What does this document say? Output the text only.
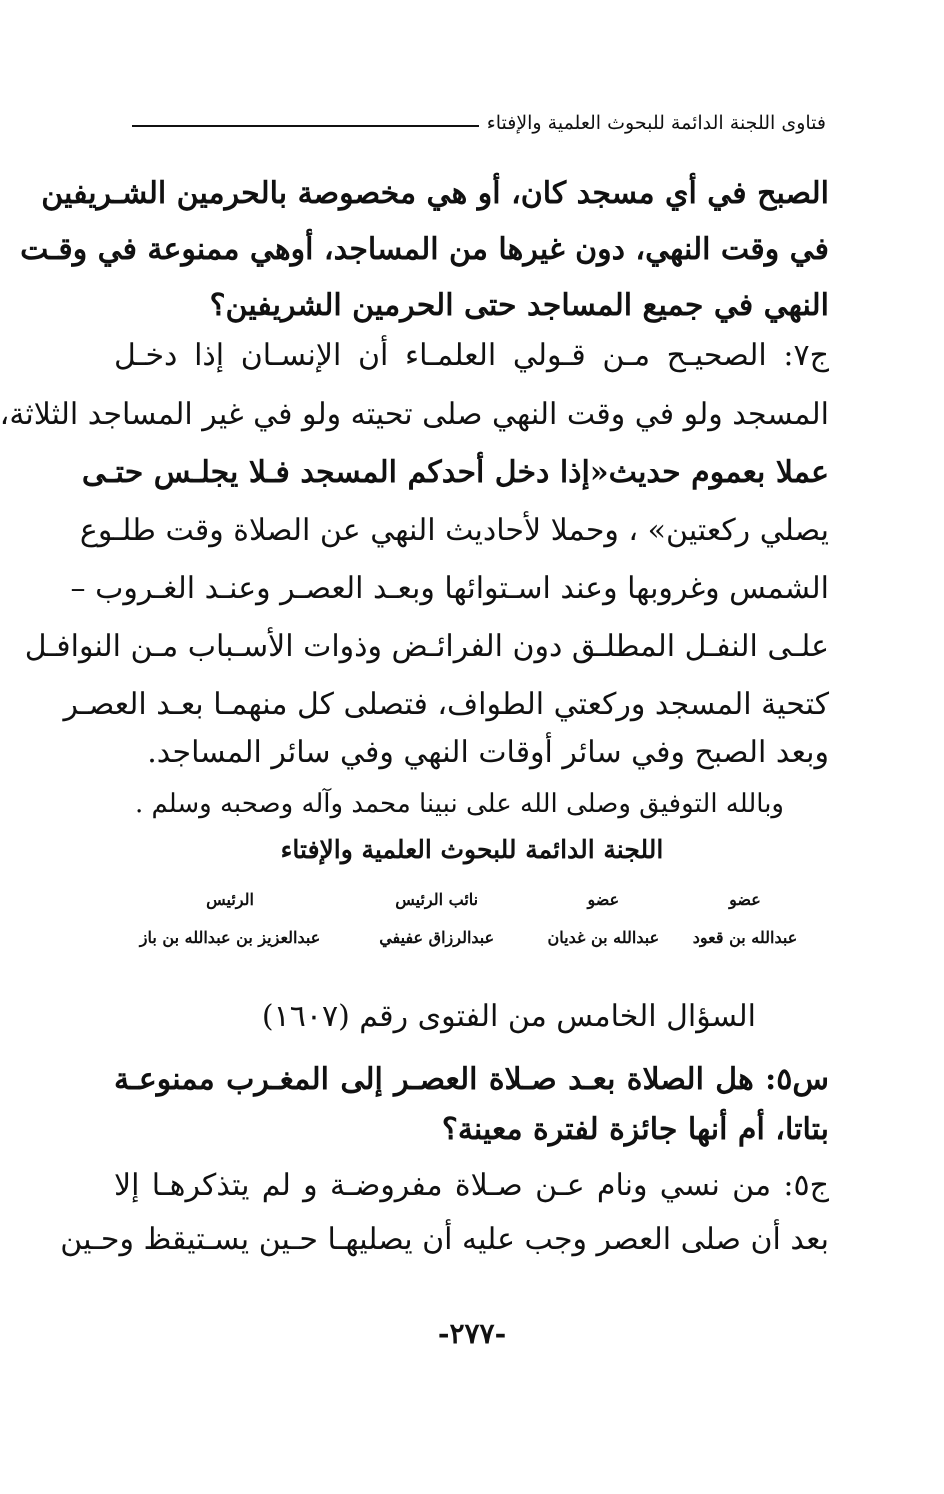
فتاوى اللجنة الدائمة للبحوث العلمية والإفتاء
الصبح في أي مسجد كان، أو هي مخصوصة بالحرمين الشـريفين
في وقت النهي، دون غيرها من المساجد، أوهي ممنوعة في وقـت
النهي في جميع المساجد حتى الحرمين الشريفين؟
ج٧: الصحيـح مـن قـولي العلمـاء أن الإنسـان إذا دخـل
المسجد ولو في وقت النهي صلى تحيته ولو في غير المساجد الثلاثة،
عملا بعموم حديث«إذا دخل أحدكم المسجد فـلا يجلـس حتـى
يصلي ركعتين» ، وحملا لأحاديث النهي عن الصلاة وقت طلـوع
الشمس وغروبها وعند اسـتوائها وبعـد العصـر وعنـد الغـروب –
علـى النفـل المطلـق دون الفرائـض وذوات الأسـباب مـن النوافـل
كتحية المسجد وركعتي الطواف، فتصلى كل منهمـا بعـد العصـر
وبعد الصبح وفي سائر أوقات النهي وفي سائر المساجد.
وبالله التوفيق وصلى الله على نبينا محمد وآله وصحبه وسلم .
اللجنة الدائمة للبحوث العلمية والإفتاء
عضو
عضو
نائب الرئيس
الرئيس
عبدالله بن قعود
عبدالله بن غديان
عبدالرزاق عفيفي
عبدالعزيز بن عبدالله بن باز
السؤال الخامس من الفتوى رقم (١٦٠٧)
س٥: هل الصلاة بعـد صـلاة العصـر إلى المغـرب ممنوعـة
بتاتا، أم أنها جائزة لفترة معينة؟
ج٥: من نسي ونام عـن صـلاة مفروضـة و لم يتذكرهـا إلا
بعد أن صلى العصر وجب عليه أن يصليهـا حـين يسـتيقظ وحـين
-٢٧٧-
